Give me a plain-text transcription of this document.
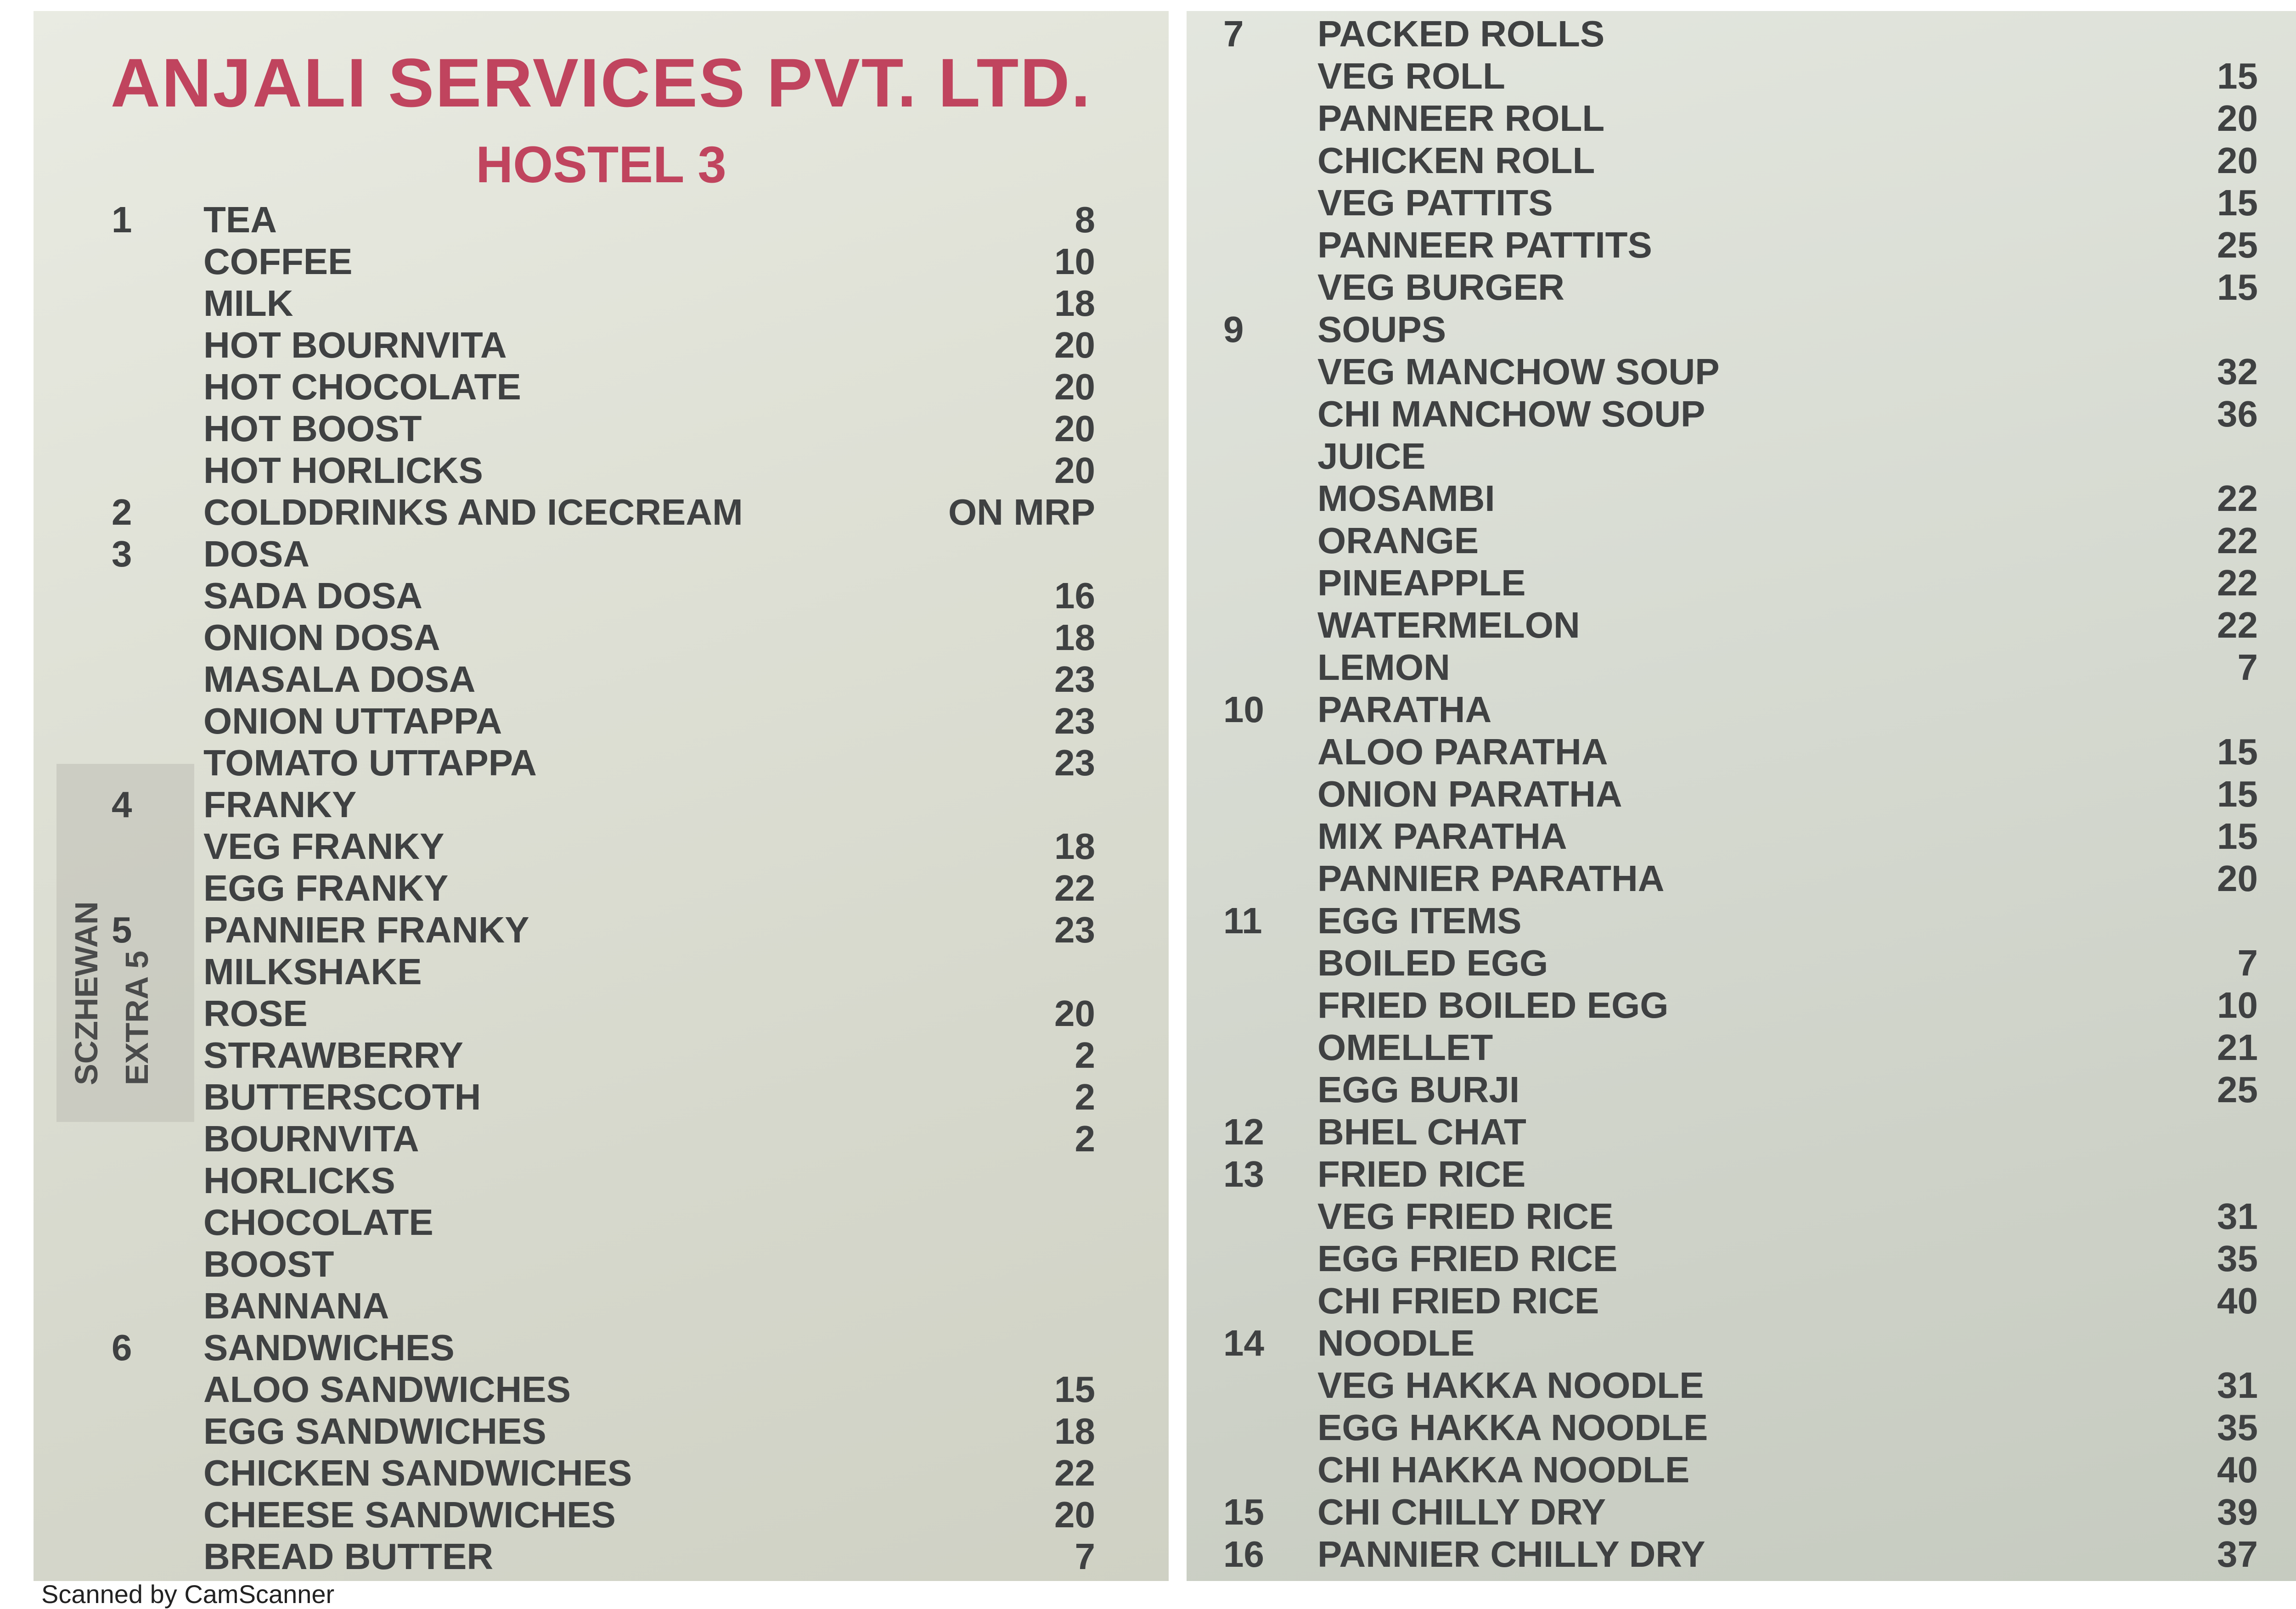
ANJALI SERVICES PVT. LTD.
HOSTEL 3
SCZHEWAN EXTRA 5
1 TEA	8
COFFEE	10
MILK	18
HOT BOURNVITA	20
HOT CHOCOLATE	20
HOT BOOST	20
HOT HORLICKS	20
2 COLDDRINKS AND ICECREAM	ON MRP
3 DOSA
SADA DOSA	16
ONION DOSA	18
MASALA DOSA	23
ONION UTTAPPA	23
TOMATO UTTAPPA	23
4 FRANKY
VEG FRANKY	18
EGG FRANKY	22
5 PANNIER FRANKY	23
MILKSHAKE
ROSE	20
STRAWBERRY	2
BUTTERSCOTH	2
BOURNVITA	2
HORLICKS
CHOCOLATE
BOOST
BANNANA
6 SANDWICHES
ALOO SANDWICHES	15
EGG SANDWICHES	18
CHICKEN SANDWICHES	22
CHEESE SANDWICHES	20
BREAD BUTTER	7
7 PACKED ROLLS
VEG ROLL	15
PANNEER ROLL	20
CHICKEN ROLL	20
VEG PATTITS	15
PANNEER PATTITS	25
VEG BURGER	15
9 SOUPS
VEG MANCHOW SOUP	32
CHI MANCHOW SOUP	36
JUICE
MOSAMBI	22
ORANGE	22
PINEAPPLE	22
WATERMELON	22
LEMON	7
10 PARATHA
ALOO PARATHA	15
ONION PARATHA	15
MIX PARATHA	15
PANNIER PARATHA	20
11 EGG ITEMS
BOILED EGG	7
FRIED BOILED EGG	10
OMELLET	21
EGG BURJI	25
12 BHEL CHAT
13 FRIED RICE
VEG FRIED RICE	31
EGG FRIED RICE	35
CHI FRIED RICE	40
14 NOODLE
VEG HAKKA NOODLE	31
EGG HAKKA NOODLE	35
CHI HAKKA NOODLE	40
15 CHI CHILLY DRY	39
16 PANNIER CHILLY DRY	37
Scanned by CamScanner
